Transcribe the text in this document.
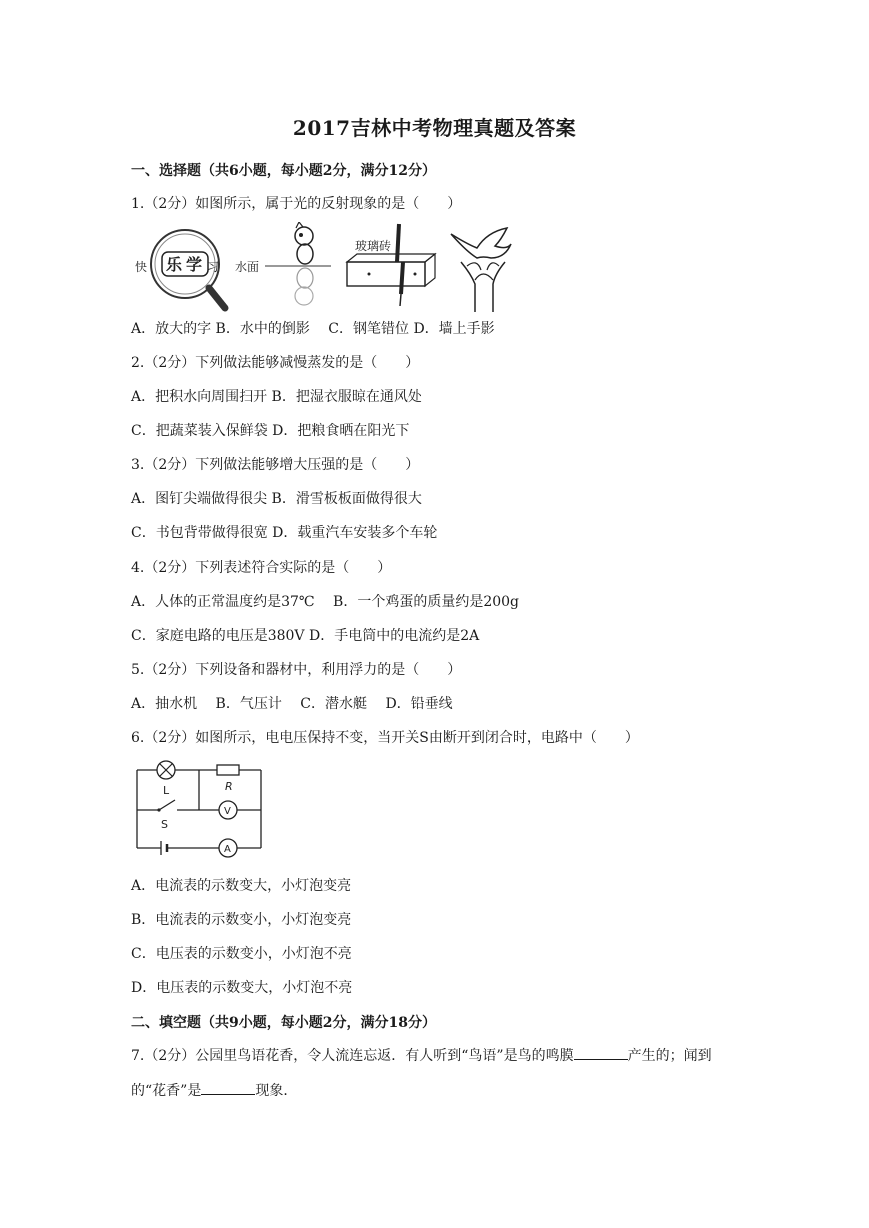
2017吉林中考物理真题及答案
一、选择题（共6小题，每小题2分，满分12分）
1.（2分）如图所示，属于光的反射现象的是（　　）
快 乐 学 习 水面
玻璃砖
A．放大的字 B．水中的倒影　 C．钢笔错位 D．墙上手影
2.（2分）下列做法能够减慢蒸发的是（　　）
A．把积水向周围扫开 B．把湿衣服晾在通风处
C．把蔬菜装入保鲜袋 D．把粮食晒在阳光下
3.（2分）下列做法能够增大压强的是（　　）
A．图钉尖端做得很尖 B．滑雪板板面做得很大
C．书包背带做得很宽 D．载重汽车安装多个车轮
4.（2分）下列表述符合实际的是（　　）
A．人体的正常温度约是37℃　 B．一个鸡蛋的质量约是200g
C．家庭电路的电压是380V D．手电筒中的电流约是2A
5.（2分）下列设备和器材中，利用浮力的是（　　）
A．抽水机　 B．气压计　 C．潜水艇　 D．铅垂线
6.（2分）如图所示，电电压保持不变，当开关S由断开到闭合时，电路中（　　）
L	R
S
V
A
A．电流表的示数变大，小灯泡变亮
B．电流表的示数变小，小灯泡变亮
C．电压表的示数变小，小灯泡不亮
D．电压表的示数变大，小灯泡不亮
二、填空题（共9小题，每小题2分，满分18分）
7.（2分）公园里鸟语花香，令人流连忘返．有人听到“鸟语”是鸟的鸣膜	产生的；闻到
的“花香”是	现象．
